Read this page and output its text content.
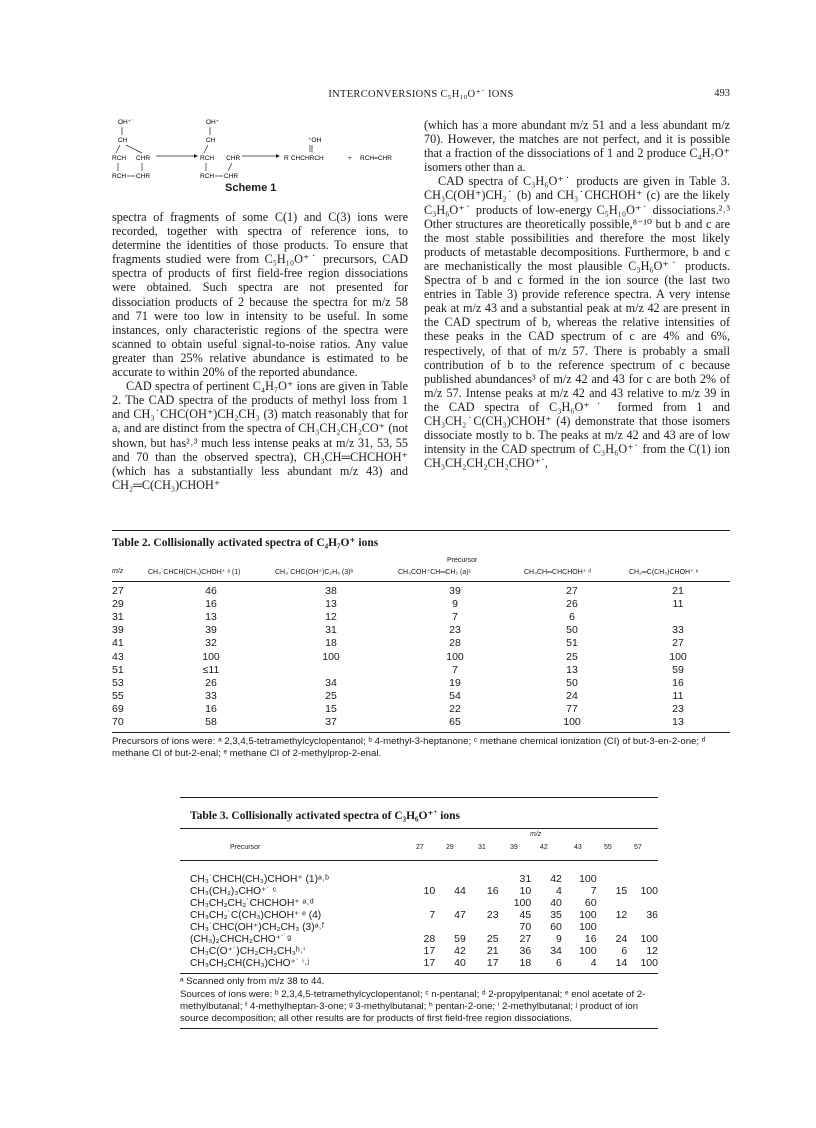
INTERCONVERSIONS C₅H₁₀O⁺˙ IONS	493
OH⁺˙
CH
RCH CHR
RCH CHR
OH⁺
CH
RCH ˙CHR
RCH CHR
⁺OH
R˙CHCHRCH	+ RCH=CHR
Scheme 1

spectra of fragments of some C(1) and C(3) ions were recorded, together with spectra of reference ions, to determine the identities of those products. To ensure that fragments studied were from C₅H₁₀O⁺˙ precursors, CAD spectra of products of first field-free region dissociations were obtained. Such spectra are not presented for dissociation products of 2 because the spectra for m/z 58 and 71 were too low in intensity to be useful. In some instances, only characteristic regions of the spectra were scanned to obtain useful signal-to-noise ratios. Any value greater than 25% relative abundance is estimated to be accurate to within 20% of the reported abundance.

CAD spectra of pertinent C₄H₇O⁺ ions are given in Table 2. The CAD spectra of the products of methyl loss from 1 and CH₃˙CHC(OH⁺)CH₂CH₃ (3) match reasonably that for a, and are distinct from the spectra of CH₃CH₂CH₂CO⁺ (not shown, but has²˒³ much less intense peaks at m/z 31, 53, 55 and 70 than the observed spectra), CH₃CH═CHCHOH⁺ (which has a substantially less abundant m/z 43) and CH₂═C(CH₃)CHOH⁺

(which has a more abundant m/z 51 and a less abundant m/z 70). However, the matches are not perfect, and it is possible that a fraction of the dissociations of 1 and 2 produce C₄H₇O⁺ isomers other than a.

CAD spectra of C₃H₆O⁺˙ products are given in Table 3. CH₃C(OH⁺)CH₂˙ (b) and CH₃˙CHCHOH⁺ (c) are the likely C₃H₆O⁺˙ products of low-energy C₅H₁₀O⁺˙ dissociations.²˒³ Other structures are theoretically possible,⁸⁻¹⁰ but b and c are the most stable possibilities and therefore the most likely products of metastable decompositions. Furthermore, b and c are mechanistically the most plausible C₃H₆O⁺˙ products. Spectra of b and c formed in the ion source (the last two entries in Table 3) provide reference spectra. A very intense peak at m/z 43 and a substantial peak at m/z 42 are present in the CAD spectrum of b, whereas the relative intensities of these peaks in the CAD spectrum of c are 4% and 6%, respectively, of that of m/z 57. There is probably a small contribution of b to the reference spectrum of c because published abundances³ of m/z 42 and 43 for c are both 2% of m/z 57. Intense peaks at m/z 42 and 43 relative to m/z 39 in the CAD spectra of C₃H₆O⁺˙ formed from 1 and CH₃CH₂˙C(CH₃)CHOH⁺ (4) demonstrate that those isomers dissociate mostly to b. The peaks at m/z 42 and 43 are of low intensity in the CAD spectrum of C₃H₆O⁺˙ from the C(1) ion CH₃CH₂CH₂CH₂CHO⁺˙,

Table 2. Collisionally activated spectra of C₄H₇O⁺ ions
Precursor
m/z	CH₃˙CHCH(CH₃)CHOH⁺ ᵃ (1)	CH₃˙CHC(OH⁺)C₂H₅ (3)ᵇ	CH₃COH⁺CH═CH₂ (a)ᶜ	CH₃CH═CHCHOH⁺ ᵈ	CH₂═C(CH₃)CHOH⁺ ᵉ
27	46	38	39	27	21
29	16	13	9	26	11
31	13	12	7	6	
39	39	31	23	50	33
41	32	18	28	51	27
43	100	100	100	25	100
51	≤11		7	13	59
53	26	34	19	50	16
55	33	25	54	24	11
69	16	15	22	77	23
70	58	37	65	100	13
Precursors of ions were: ᵃ 2,3,4,5-tetramethylcyclopentanol; ᵇ 4-methyl-3-heptanone; ᶜ methane chemical ionization (CI) of but-3-en-2-one; ᵈ methane CI of but-2-enal; ᵉ methane CI of 2-methylprop-2-enal.
Table 3. Collisionally activated spectra of C₃H₆O⁺˙ ions
m/z
Precursor	27	29	31	39	42	43	55	57
CH₃˙CHCH(CH₃)CHOH⁺ (1)ᵃ˒ᵇ				31	42	100		
CH₃(CH₂)₃CHO⁺˙ ᶜ	10	44	16	10	4	7	15	100
CH₃CH₂CH₂˙CHCHOH⁺ ᵃ˒ᵈ				100	40	60		
CH₃CH₂˙C(CH₃)CHOH⁺ ᵉ (4)	7	47	23	45	35	100	12	36
CH₃˙CHC(OH⁺)CH₂CH₃ (3)ᵃ˒ᶠ				70	60	100		
(CH₃)₂CHCH₂CHO⁺˙ ᵍ	28	59	25	27	9	16	24	100
CH₃C(O⁺˙)CH₂CH₂CH₃ʰ˒ⁱ	17	42	21	36	34	100	6	12
CH₃CH₂CH(CH₃)CHO⁺˙ ⁱ˒ʲ	17	40	17	18	6	4	14	100
ᵃ Scanned only from m/z 38 to 44.
Sources of ions were: ᵇ 2,3,4,5-tetramethylcyclopentanol; ᶜ n-pentanal; ᵈ 2-propylpentanal; ᵉ enol acetate of 2-methylbutanal; ᶠ 4-methylheptan-3-one; ᵍ 3-methylbutanal; ʰ pentan-2-one; ⁱ 2-methylbutanal; ʲ product of ion source decomposition; all other results are for products of first field-free region dissociations.
